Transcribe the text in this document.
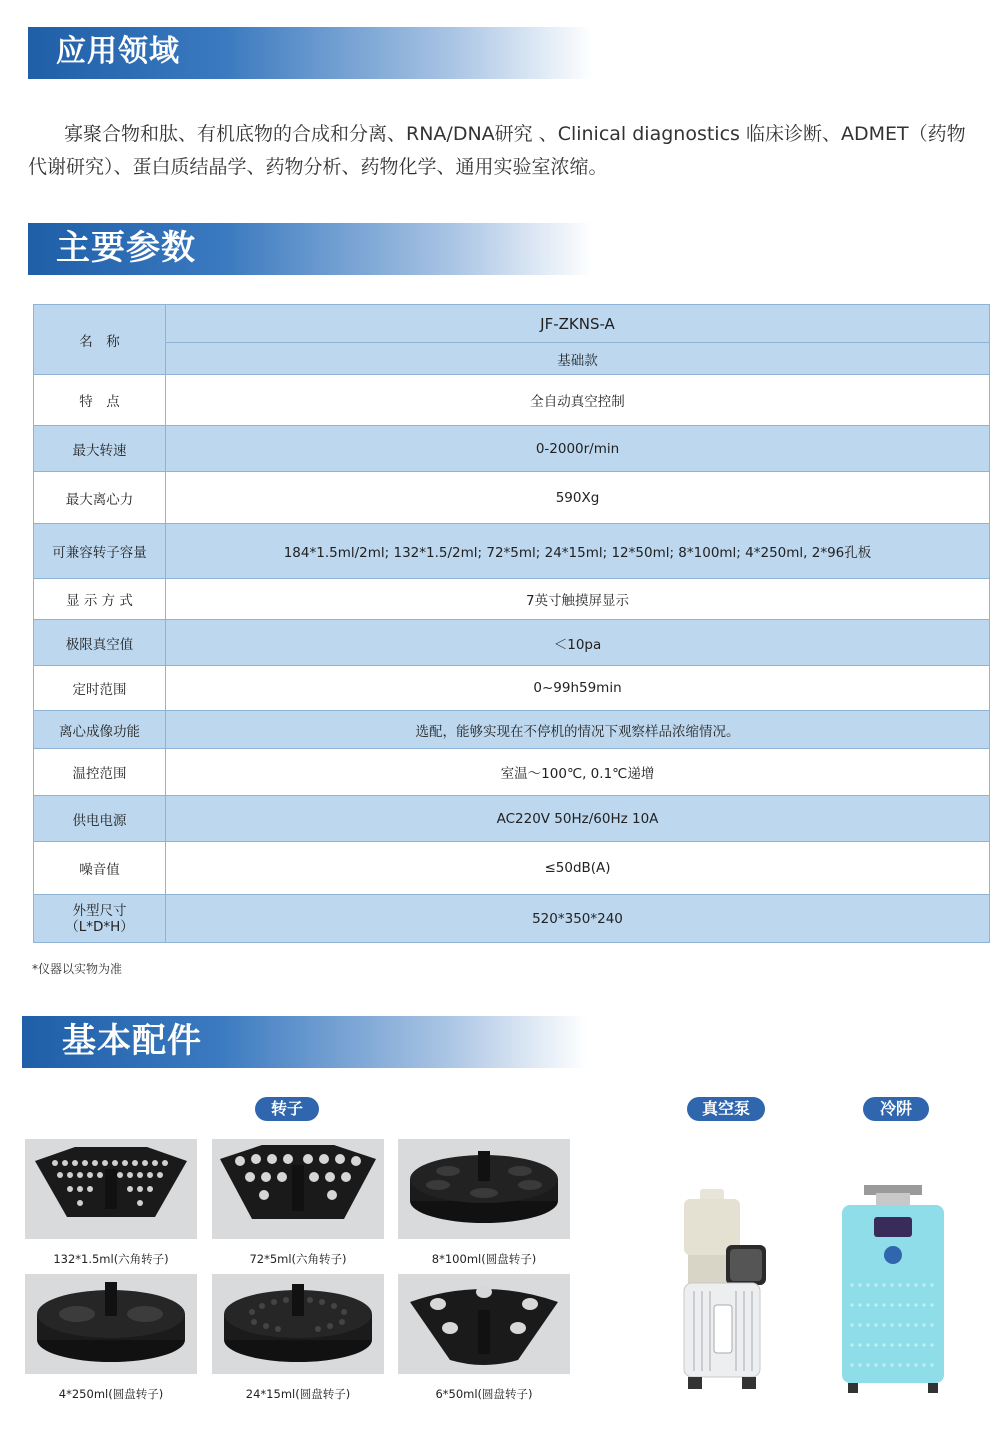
应用领域

寡聚合物和肽、有机底物的合成和分离、RNA/DNA研究 、Clinical diagnostics 临床诊断、ADMET（药物代谢研究）、蛋白质结晶学、药物分析、药物化学、通用实验室浓缩。

主要参数
名　称	JF-ZKNS-A
	基础款
特　点	全自动真空控制
最大转速	0-2000r/min
最大离心力	590Xg
可兼容转子容量	184*1.5ml/2ml; 132*1.5/2ml; 72*5ml; 24*15ml; 12*50ml; 8*100ml; 4*250ml, 2*96孔板
显 示 方 式	7英寸触摸屏显示
极限真空值	＜10pa
定时范围	0~99h59min
离心成像功能	选配，能够实现在不停机的情况下观察样品浓缩情况。
温控范围	室温～100℃, 0.1℃递增
供电电源	AC220V 50Hz/60Hz 10A
噪音值	≤50dB(A)

外型尺寸
（L*D*H）	520*350*240
*仪器以实物为准
基本配件
转子	真空泵	冷阱
132*1.5ml(六角转子)	72*5ml(六角转子)	8*100ml(圆盘转子)
4*250ml(圆盘转子)	24*15ml(圆盘转子)	6*50ml(圆盘转子)
